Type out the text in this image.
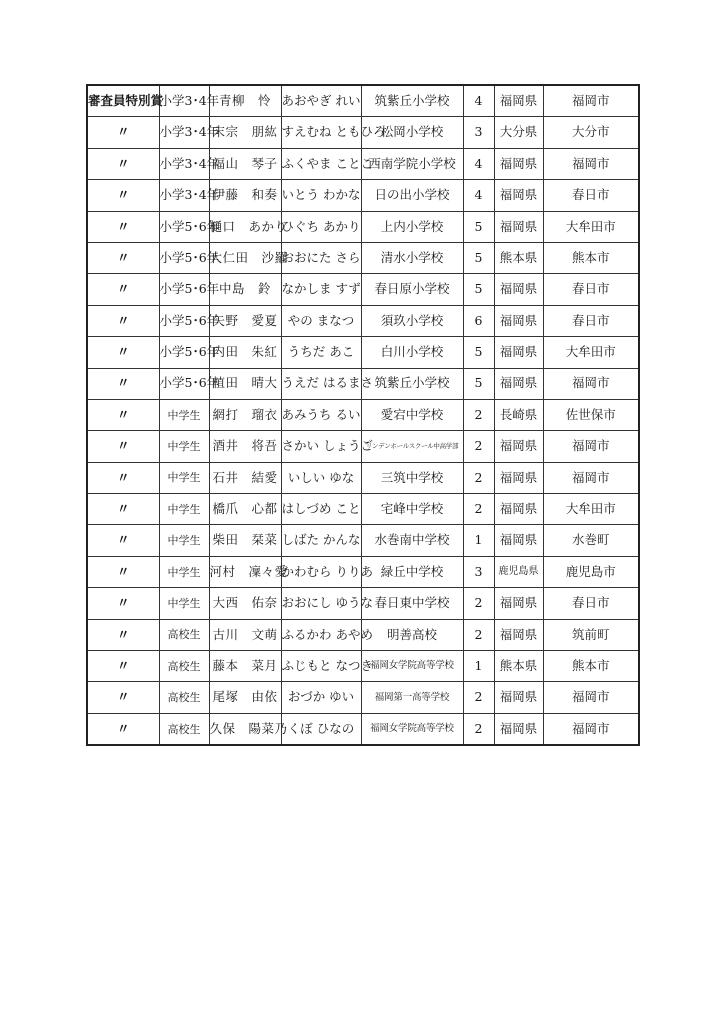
審査員特別賞	小学3･4年	青柳　怜	あおやぎ れい	筑紫丘小学校	4	福岡県	福岡市
〃	小学3･4年	末宗　朋紘	すえむね ともひろ	松岡小学校	3	大分県	大分市
〃	小学3･4年	福山　琴子	ふくやま ことこ	西南学院小学校	4	福岡県	福岡市
〃	小学3･4年	伊藤　和奏	いとう わかな	日の出小学校	4	福岡県	春日市
〃	小学5･6年	樋口　あかり	ひぐち あかり	上内小学校	5	福岡県	大牟田市
〃	小学5･6年	大仁田　沙羅	おおにた さら	清水小学校	5	熊本県	熊本市
〃	小学5･6年	中島　鈴	なかしま すず	春日原小学校	5	福岡県	春日市
〃	小学5･6年	矢野　愛夏	やの まなつ	須玖小学校	6	福岡県	春日市
〃	小学5･6年	内田　朱紅	うちだ あこ	白川小学校	5	福岡県	大牟田市
〃	小学5･6年	植田　晴大	うえだ はるまさ	筑紫丘小学校	5	福岡県	福岡市
〃	中学生	網打　瑠衣	あみうち るい	愛宕中学校	2	長崎県	佐世保市
〃	中学生	酒井　将吾	さかい しょうご	リンデンホールスクール中高学部	2	福岡県	福岡市
〃	中学生	石井　結愛	いしい ゆな	三筑中学校	2	福岡県	福岡市
〃	中学生	橋爪　心都	はしづめ こと	宅峰中学校	2	福岡県	大牟田市
〃	中学生	柴田　栞菜	しばた かんな	水巻南中学校	1	福岡県	水巻町
〃	中学生	河村　凜々愛	かわむら りりあ	緑丘中学校	3	鹿児島県	鹿児島市
〃	中学生	大西　佑奈	おおにし ゆうな	春日東中学校	2	福岡県	春日市
〃	高校生	古川　文萌	ふるかわ あやめ	明善高校	2	福岡県	筑前町
〃	高校生	藤本　菜月	ふじもと なつき	福岡女学院高等学校	1	熊本県	熊本市
〃	高校生	尾塚　由依	おづか ゆい	福岡第一高等学校	2	福岡県	福岡市
〃	高校生	久保　陽菜乃	くぼ ひなの	福岡女学院高等学校	2	福岡県	福岡市
